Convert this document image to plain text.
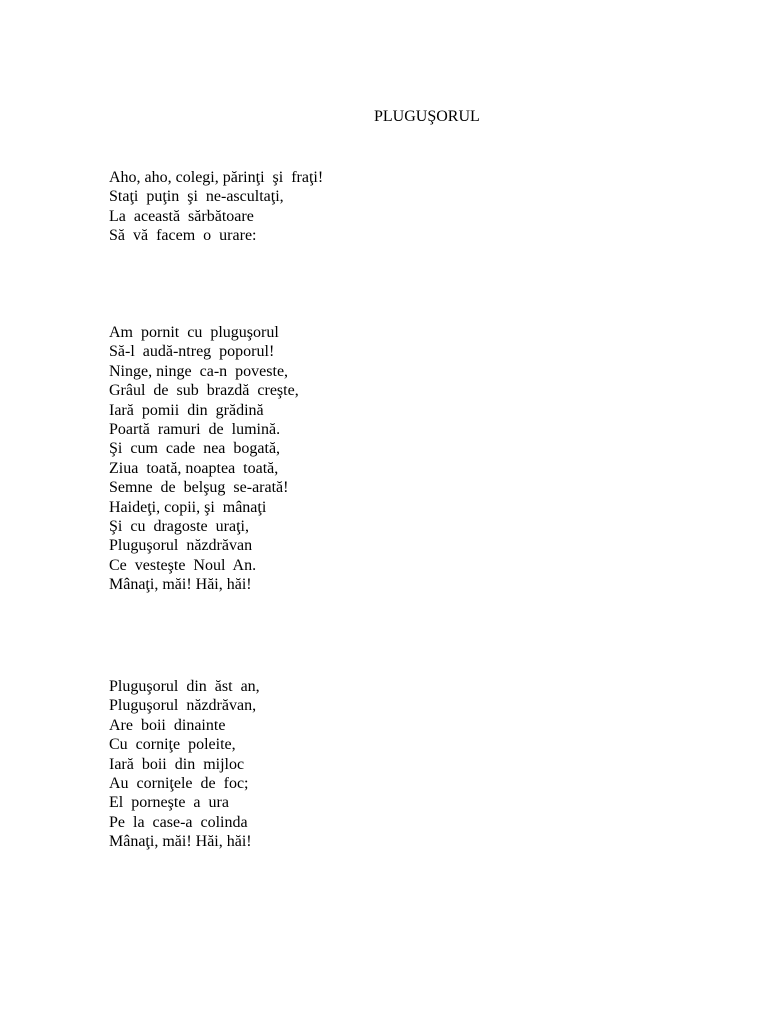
PLUGUŞORUL
Aho, aho, colegi, părinţi  şi  fraţi!
Staţi  puţin  şi  ne-ascultaţi,
La  această  sărbătoare
Să  vă  facem  o  urare:
Am  pornit  cu  pluguşorul
Să-l  audă-ntreg  poporul!
Ninge, ninge  ca-n  poveste,
Grâul  de  sub  brazdă  creşte,
Iară  pomii  din  grădină
Poartă  ramuri  de  lumină.
Şi  cum  cade  nea  bogată,
Ziua  toată, noaptea  toată,
Semne  de  belşug  se-arată!
Haideţi, copii, şi  mânaţi
Şi  cu  dragoste  uraţi,
Pluguşorul  năzdrăvan
Ce  vesteşte  Noul  An.
Mânaţi, măi! Hăi, hăi!
Pluguşorul  din  ăst  an,
Pluguşorul  năzdrăvan,
Are  boii  dinainte
Cu  corniţe  poleite,
Iară  boii  din  mijloc
Au  corniţele  de  foc;
El  porneşte  a  ura
Pe  la  case-a  colinda
Mânaţi, măi! Hăi, hăi!
